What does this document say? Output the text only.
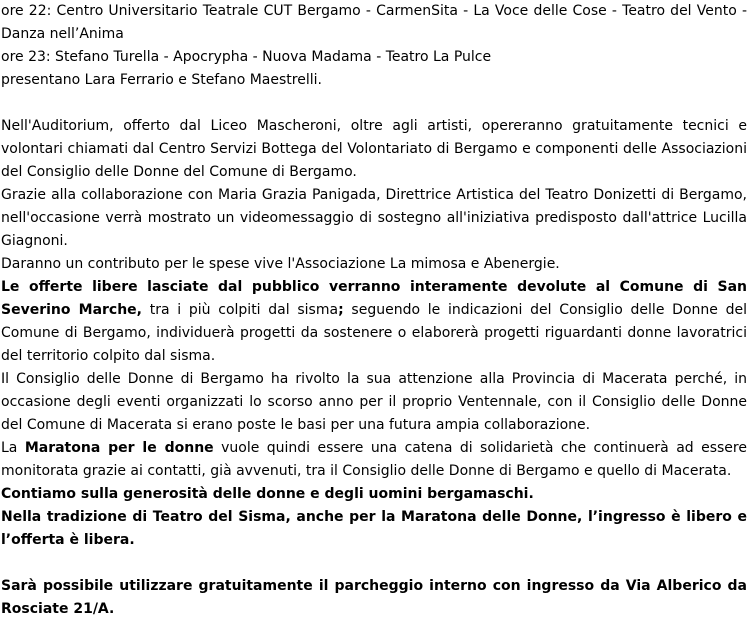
ore 22: Centro Universitario Teatrale CUT Bergamo - CarmenSita - La Voce delle Cose - Teatro del Vento - Danza nell’Anima

ore 23: Stefano Turella - Apocrypha - Nuova Madama - Teatro La Pulce

presentano Lara Ferrario e Stefano Maestrelli.

Nell'Auditorium, offerto dal Liceo Mascheroni, oltre agli artisti, opereranno gratuitamente tecnici e volontari chiamati dal Centro Servizi Bottega del Volontariato di Bergamo e componenti delle Associazioni del Consiglio delle Donne del Comune di Bergamo.

Grazie alla collaborazione con Maria Grazia Panigada, Direttrice Artistica del Teatro Donizetti di Bergamo, nell'occasione verrà mostrato un videomessaggio di sostegno all'iniziativa predisposto dall'attrice Lucilla Giagnoni.

Daranno un contributo per le spese vive l'Associazione La mimosa e Abenergie.

Le offerte libere lasciate dal pubblico verranno interamente devolute al Comune di San Severino Marche, tra i più colpiti dal sisma; seguendo le indicazioni del Consiglio delle Donne del Comune di Bergamo, individuerà progetti da sostenere o elaborerà progetti riguardanti donne lavoratrici del territorio colpito dal sisma.

Il Consiglio delle Donne di Bergamo ha rivolto la sua attenzione alla Provincia di Macerata perché, in occasione degli eventi organizzati lo scorso anno per il proprio Ventennale, con il Consiglio delle Donne del Comune di Macerata si erano poste le basi per una futura ampia collaborazione.

La Maratona per le donne vuole quindi essere una catena di solidarietà che continuerà ad essere monitorata grazie ai contatti, già avvenuti, tra il Consiglio delle Donne di Bergamo e quello di Macerata.

Contiamo sulla generosità delle donne e degli uomini bergamaschi.

Nella tradizione di Teatro del Sisma, anche per la Maratona delle Donne, l’ingresso è libero e l’offerta è libera.

Sarà possibile utilizzare gratuitamente il parcheggio interno con ingresso da Via Alberico da Rosciate 21/A.
